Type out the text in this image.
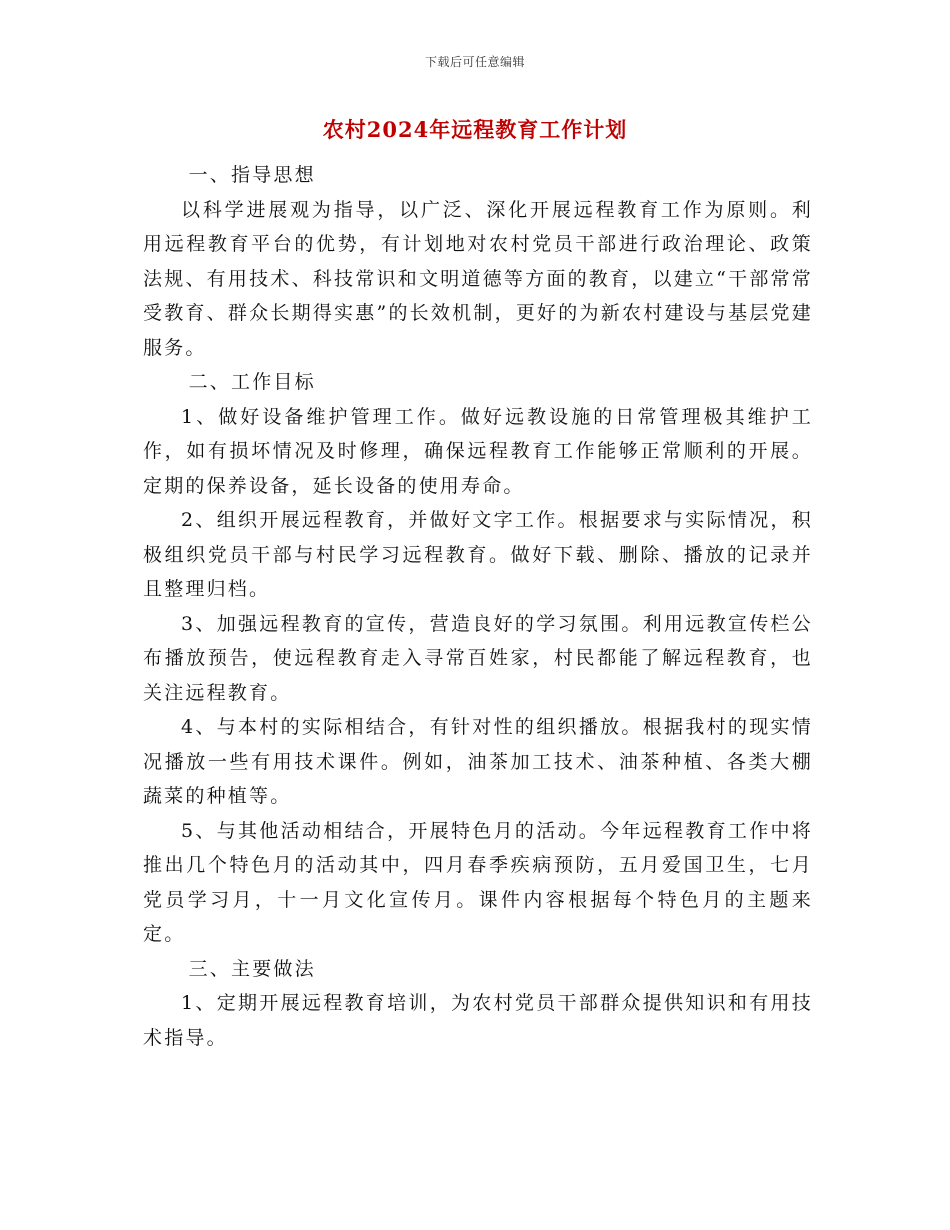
下载后可任意编辑
农村2024年远程教育工作计划

一、指导思想

以科学进展观为指导，以广泛、深化开展远程教育工作为原则。利用远程教育平台的优势，有计划地对农村党员干部进行政治理论、政策法规、有用技术、科技常识和文明道德等方面的教育，以建立“干部常常受教育、群众长期得实惠”的长效机制，更好的为新农村建设与基层党建服务。

二、工作目标

1、做好设备维护管理工作。做好远教设施的日常管理极其维护工作，如有损坏情况及时修理，确保远程教育工作能够正常顺利的开展。定期的保养设备，延长设备的使用寿命。

2、组织开展远程教育，并做好文字工作。根据要求与实际情况，积极组织党员干部与村民学习远程教育。做好下载、删除、播放的记录并且整理归档。

3、加强远程教育的宣传，营造良好的学习氛围。利用远教宣传栏公布播放预告，使远程教育走入寻常百姓家，村民都能了解远程教育，也关注远程教育。

4、与本村的实际相结合，有针对性的组织播放。根据我村的现实情况播放一些有用技术课件。例如，油茶加工技术、油茶种植、各类大棚蔬菜的种植等。

5、与其他活动相结合，开展特色月的活动。今年远程教育工作中将推出几个特色月的活动其中，四月春季疾病预防，五月爱国卫生，七月党员学习月，十一月文化宣传月。课件内容根据每个特色月的主题来定。

三、主要做法

1、定期开展远程教育培训，为农村党员干部群众提供知识和有用技术指导。
